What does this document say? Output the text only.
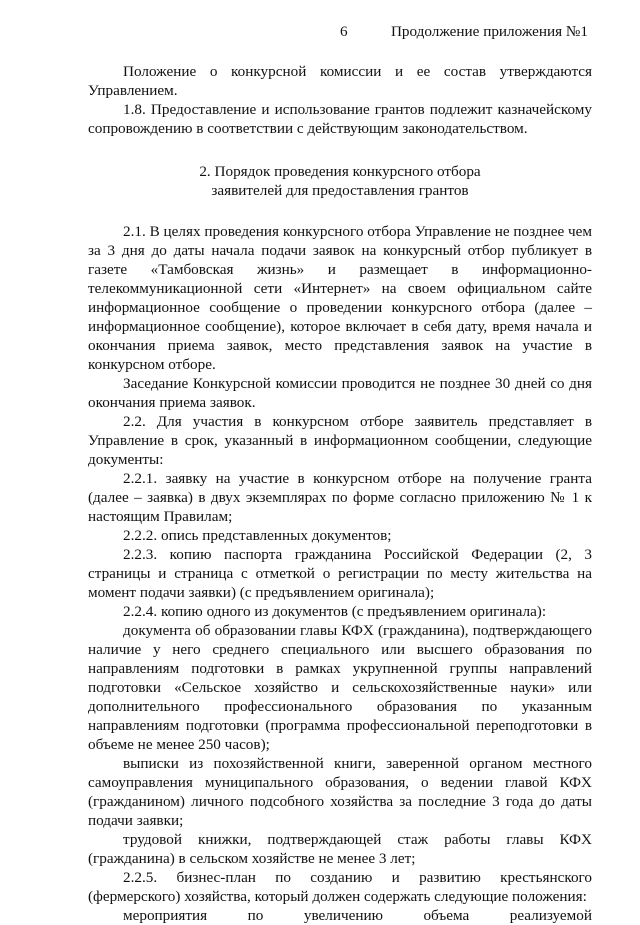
6	Продолжение приложения №1

Положение о конкурсной комиссии и ее состав утверждаются Управлением.

1.8. Предоставление и использование грантов подлежит казначейскому сопровождению в соответствии с действующим законодательством.

2. Порядок проведения конкурсного отбора
заявителей для предоставления грантов

2.1. В целях проведения конкурсного отбора Управление не позднее чем за 3 дня до даты начала подачи заявок на конкурсный отбор публикует в газете «Тамбовская жизнь» и размещает в информационно-телекоммуникационной сети «Интернет» на своем официальном сайте информационное сообщение о проведении конкурсного отбора (далее – информационное сообщение), которое включает в себя дату, время начала и окончания приема заявок, место представления заявок на участие в конкурсном отборе.

Заседание Конкурсной комиссии проводится не позднее 30 дней со дня окончания приема заявок.

2.2. Для участия в конкурсном отборе заявитель представляет в Управление в срок, указанный в информационном сообщении, следующие документы:

2.2.1. заявку на участие в конкурсном отборе на получение гранта (далее – заявка) в двух экземплярах по форме согласно приложению № 1 к настоящим Правилам;

2.2.2. опись представленных документов;

2.2.3. копию паспорта гражданина Российской Федерации (2, 3 страницы и страница с отметкой о регистрации по месту жительства на момент подачи заявки) (с предъявлением оригинала);

2.2.4. копию одного из документов (с предъявлением оригинала):

документа об образовании главы КФХ (гражданина), подтверждающего наличие у него среднего специального или высшего образования по направлениям подготовки в рамках укрупненной группы направлений подготовки «Сельское хозяйство и сельскохозяйственные науки» или дополнительного профессионального образования по указанным направлениям подготовки (программа профессиональной переподготовки в объеме не менее 250 часов);

выписки из похозяйственной книги, заверенной органом местного самоуправления муниципального образования, о ведении главой КФХ (гражданином) личного подсобного хозяйства за последние 3 года до даты подачи заявки;

трудовой книжки, подтверждающей стаж работы главы КФХ (гражданина) в сельском хозяйстве не менее 3 лет;

2.2.5. бизнес-план по созданию и развитию крестьянского (фермерского) хозяйства, который должен содержать следующие положения:

мероприятия по увеличению объема реализуемой
